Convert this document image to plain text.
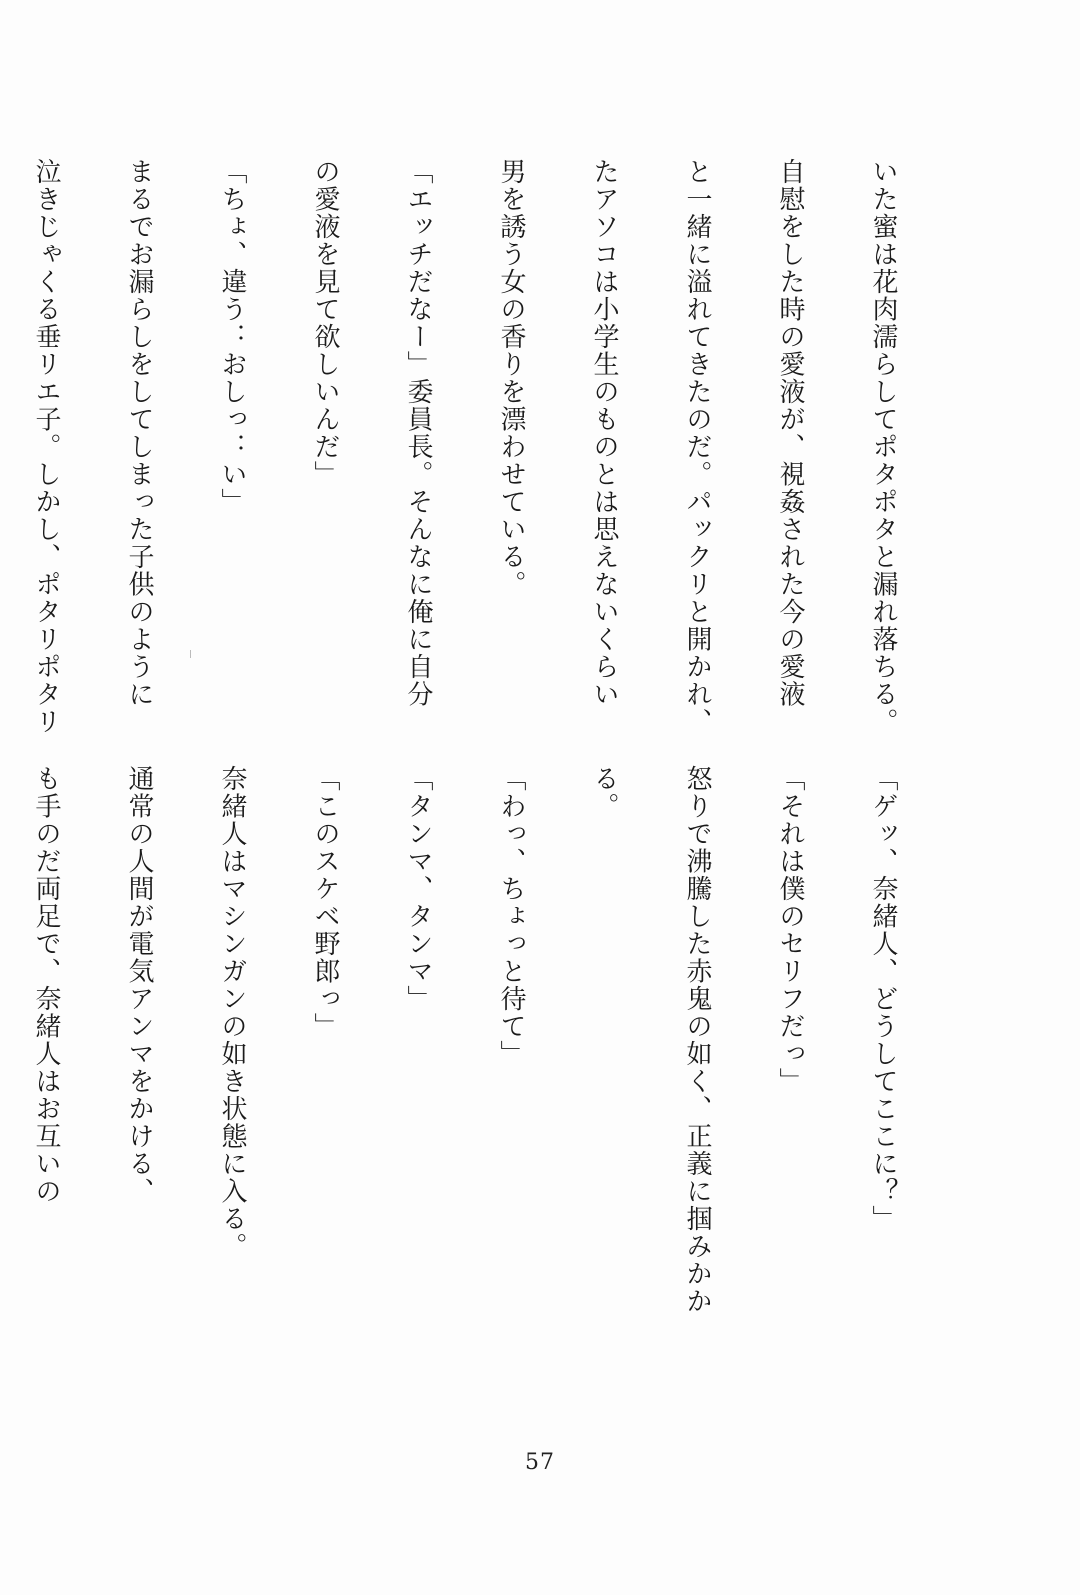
いた蜜は花肉濡らしてポタポタと漏れ落ちる。

自慰をした時の愛液が、視姦された今の愛液

と一緒に溢れてきたのだ。パックリと開かれ、

たアソコは小学生のものとは思えないくらい

男を誘う女の香りを漂わせている。

「エッチだなー」委員長。そんなに俺に自分

の愛液を見て欲しいんだ」

「ちょ、違う：おしっ：い」

まるでお漏らしをしてしまった子供のように

泣きじゃくる垂リエ子。しかし、ポタリポタリ

「ゲッ、奈緒人、どうしてここに？」

「それは僕のセリフだっ」

怒りで沸騰した赤鬼の如く、正義に掴みかか

る。

「わっ、ちょっと待て」

「タンマ、タンマ」

「このスケベ野郎っ」

奈緒人はマシンガンの如き状態に入る。

通常の人間が電気アンマをかける、

も手のだ両足で、奈緒人はお互いの

57
